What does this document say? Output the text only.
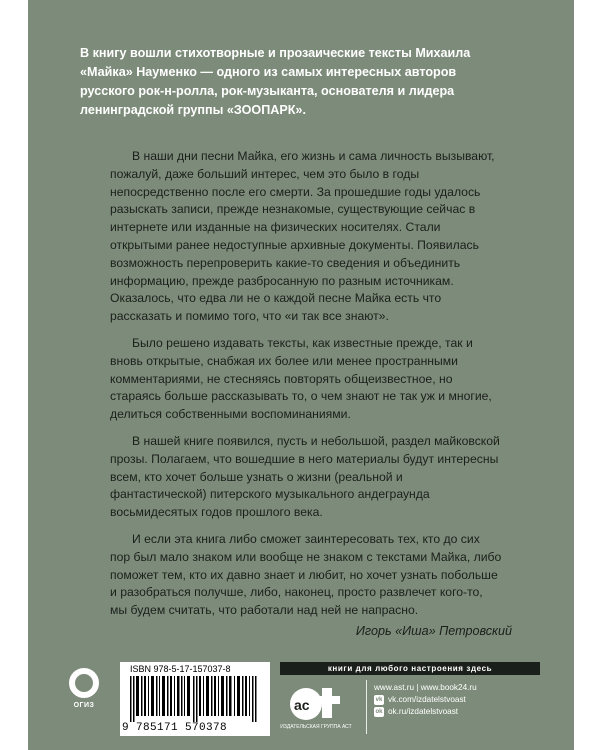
В книгу вошли стихотворные и прозаические тексты Михаила «Майка» Науменко — одного из самых интересных авторов русского рок-н-ролла, рок-музыканта, основателя и лидера ленинградской группы «ЗООПАРК».

В наши дни песни Майка, его жизнь и сама личность вызывают, пожалуй, даже больший интерес, чем это было в годы непосредственно после его смерти. За прошедшие годы удалось разыскать записи, прежде незнакомые, существующие сейчас в интернете или изданные на физических носителях. Стали открытыми ранее недоступные архивные документы. Появилась возможность перепроверить какие-то сведения и объединить информацию, прежде разбросанную по разным источникам. Оказалось, что едва ли не о каждой песне Майка есть что рассказать и помимо того, что «и так все знают».

Было решено издавать тексты, как известные прежде, так и вновь открытые, снабжая их более или менее пространными комментариями, не стесняясь повторять общеизвестное, но стараясь больше рассказывать то, о чем знают не так уж и многие, делиться собственными воспоминаниями.

В нашей книге появился, пусть и небольшой, раздел майковской прозы. Полагаем, что вошедшие в него материалы будут интересны всем, кто хочет больше узнать о жизни (реальной и фантастической) питерского музыкального андеграунда восьмидесятых годов прошлого века.

И если эта книга либо сможет заинтересовать тех, кто до сих пор был мало знаком или вообще не знаком с текстами Майка, либо поможет тем, кто их давно знает и любит, но хочет узнать побольше и разобраться получше, либо, наконец, просто развлечет кого-то, мы будем считать, что работали над ней не напрасно.

Игорь «Иша» Петровский
ОГИЗ
ISBN 978-5-17-157037-8
9 785171 570378
книги для любого настроения здесь
ас
ИЗДАТЕЛЬСКАЯ ГРУППА АСТ
www.ast.ru | www.book24.ru
vk vk.com/izdatelstvoast
ok ok.ru/izdatelstvoast
